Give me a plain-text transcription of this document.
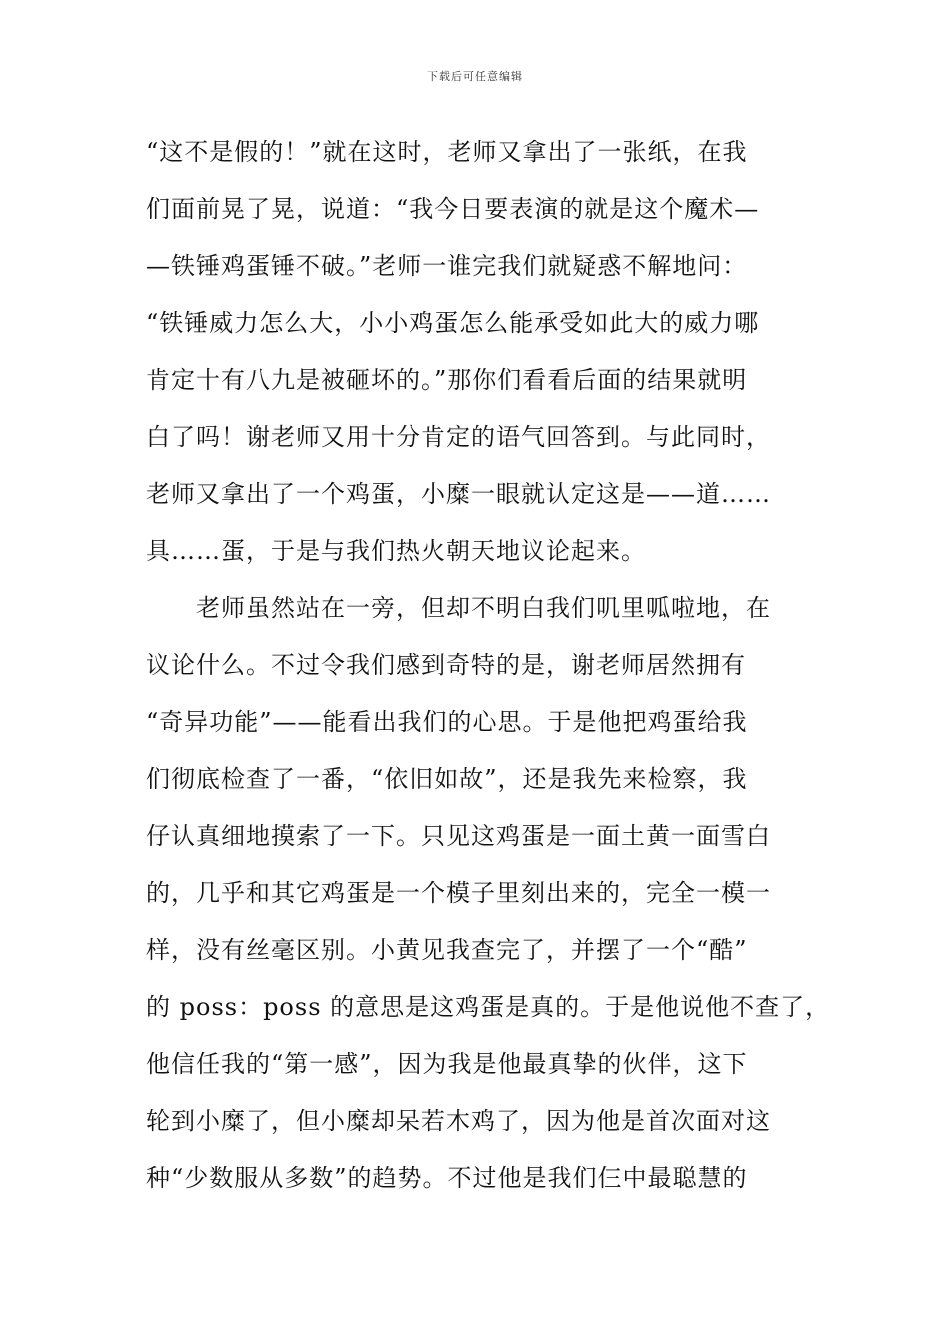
下载后可任意编辑
“这不是假的！”就在这时，老师又拿出了一张纸，在我
们面前晃了晃，说道：“我今日要表演的就是这个魔术—
—铁锤鸡蛋锤不破。”老师一谁完我们就疑惑不解地问：
“铁锤威力怎么大，小小鸡蛋怎么能承受如此大的威力哪
肯定十有八九是被砸坏的。”那你们看看后面的结果就明
白了吗！谢老师又用十分肯定的语气回答到。与此同时，
老师又拿出了一个鸡蛋，小糜一眼就认定这是——道……
具……蛋，于是与我们热火朝天地议论起来。
　　老师虽然站在一旁，但却不明白我们叽里呱啦地，在
议论什么。不过令我们感到奇特的是，谢老师居然拥有
“奇异功能”——能看出我们的心思。于是他把鸡蛋给我
们彻底检查了一番，“依旧如故”，还是我先来检察，我
仔认真细地摸索了一下。只见这鸡蛋是一面土黄一面雪白
的，几乎和其它鸡蛋是一个模子里刻出来的，完全一模一
样，没有丝毫区别。小黄见我查完了，并摆了一个“酷”
的 poss：poss 的意思是这鸡蛋是真的。于是他说他不查了，
他信任我的“第一感”，因为我是他最真挚的伙伴，这下
轮到小糜了，但小糜却呆若木鸡了，因为他是首次面对这
种“少数服从多数”的趋势。不过他是我们仨中最聪慧的
